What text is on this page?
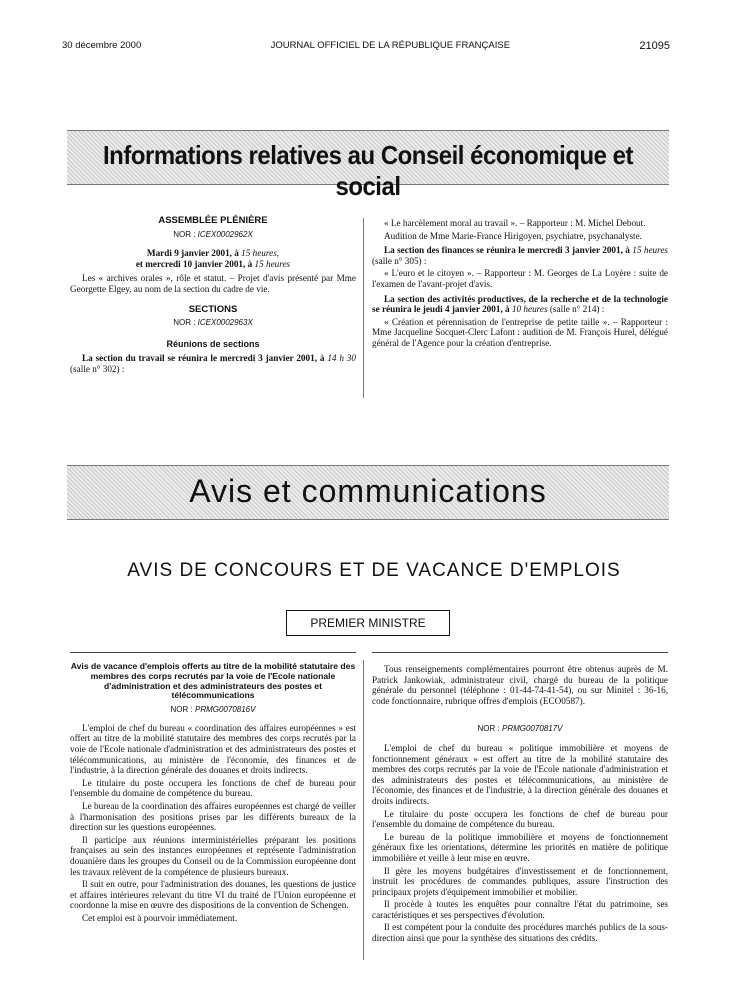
30 décembre 2000	JOURNAL OFFICIEL DE LA RÉPUBLIQUE FRANÇAISE	21095
Informations relatives au Conseil économique et social
ASSEMBLÉE PLÉNIÈRE
NOR : ICEX0002962X
Mardi 9 janvier 2001, à 15 heures,
et mercredi 10 janvier 2001, à 15 heures

Les « archives orales », rôle et statut. – Projet d'avis présenté par Mme Georgette Elgey, au nom de la section du cadre de vie.

SECTIONS
NOR : ICEX0002963X
Réunions de sections

La section du travail se réunira le mercredi 3 janvier 2001, à 14 h 30 (salle n° 302) :

« Le harcèlement moral au travail ». – Rapporteur : M. Michel Debout.

Audition de Mme Marie-France Hirigoyen, psychiatre, psychanalyste.

La section des finances se réunira le mercredi 3 janvier 2001, à 15 heures (salle n° 305) :

« L'euro et le citoyen ». – Rapporteur : M. Georges de La Loyère : suite de l'examen de l'avant-projet d'avis.

La section des activités productives, de la recherche et de la technologie se réunira le jeudi 4 janvier 2001, à 10 heures (salle n° 214) :

« Création et pérennisation de l'entreprise de petite taille ». – Rapporteur : Mme Jacqueline Socquet-Clerc Lafont : audition de M. François Hurel, délégué général de l'Agence pour la création d'entreprise.

Avis et communications
AVIS DE CONCOURS ET DE VACANCE D'EMPLOIS
PREMIER MINISTRE
Avis de vacance d'emplois offerts au titre de la mobilité statutaire des membres des corps recrutés par la voie de l'Ecole nationale d'administration et des administrateurs des postes et télécommunications
NOR : PRMG0070816V

L'emploi de chef du bureau « coordination des affaires européennes » est offert au titre de la mobilité statutaire des membres des corps recrutés par la voie de l'Ecole nationale d'administration et des administrateurs des postes et télécommunications, au ministère de l'économie, des finances et de l'industrie, à la direction générale des douanes et droits indirects.

Le titulaire du poste occupera les fonctions de chef de bureau pour l'ensemble du domaine de compétence du bureau.

Le bureau de la coordination des affaires européennes est chargé de veiller à l'harmonisation des positions prises par les différents bureaux de la direction sur les questions européennes.

Il participe aux réunions interministérielles préparant les positions françaises au sein des instances européennes et représente l'administration douanière dans les groupes du Conseil ou de la Commission européenne dont les travaux relèvent de la compétence de plusieurs bureaux.

Il suit en outre, pour l'administration des douanes, les questions de justice et affaires intérieures relevant du titre VI du traité de l'Union européenne et coordonne la mise en œuvre des dispositions de la convention de Schengen.

Cet emploi est à pourvoir immédiatement.

Tous renseignements complémentaires pourront être obtenus auprès de M. Patrick Jankowiak, administrateur civil, chargé du bureau de la politique générale du personnel (téléphone : 01-44-74-41-54), ou sur Minitel : 36-16, code fonctionnaire, rubrique offres d'emplois (ECO0587).

NOR : PRMG0070817V

L'emploi de chef du bureau « politique immobilière et moyens de fonctionnement généraux » est offert au titre de la mobilité statutaire des membres des corps recrutés par la voie de l'Ecole nationale d'administration et des administrateurs des postes et télécommunications, au ministère de l'économie, des finances et de l'industrie, à la direction générale des douanes et droits indirects.

Le titulaire du poste occupera les fonctions de chef de bureau pour l'ensemble du domaine de compétence du bureau.

Le bureau de la politique immobilière et moyens de fonctionnement généraux fixe les orientations, détermine les priorités en matière de politique immobilière et veille à leur mise en œuvre.

Il gère les moyens budgétaires d'investissement et de fonctionnement, instruit les procédures de commandes publiques, assure l'instruction des principaux projets d'équipement immobilier et mobilier.

Il procède à toutes les enquêtes pour connaître l'état du patrimoine, ses caractéristiques et ses perspectives d'évolution.

Il est compétent pour la conduite des procédures marchés publics de la sous-direction ainsi que pour la synthèse des situations des crédits.
